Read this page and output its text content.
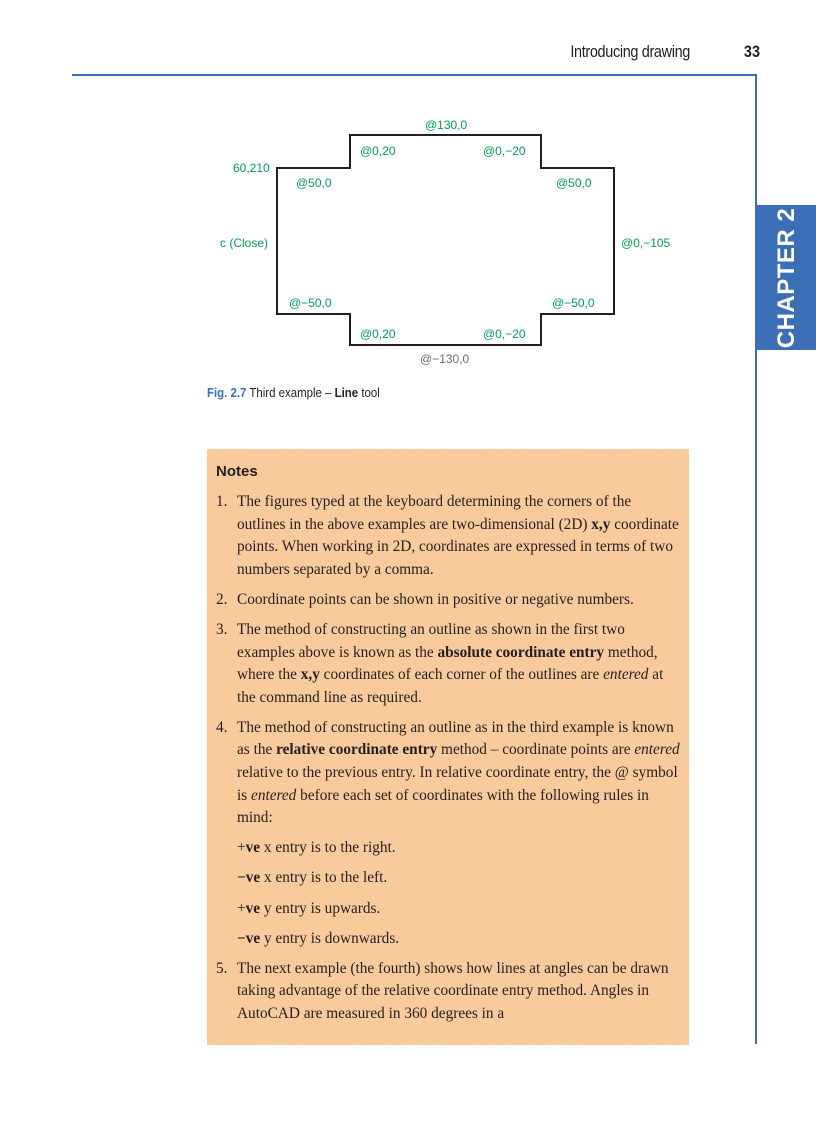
Introducing drawing	33
CHAPTER 2
@130,0
@0,20	@0,−20
60,210
@50,0	@50,0
c (Close)	@0,−105
@−50,0	@−50,0
@0,20	@0,−20
@−130,0
Fig. 2.7 Third example – Line tool
Notes
1. The figures typed at the keyboard determining the corners of the outlines in the above examples are two-dimensional (2D) x,y coordinate points. When working in 2D, coordinates are expressed in terms of two numbers separated by a comma.
2. Coordinate points can be shown in positive or negative numbers.
3. The method of constructing an outline as shown in the first two examples above is known as the absolute coordinate entry method, where the x,y coordinates of each corner of the outlines are entered at the command line as required.
4. The method of constructing an outline as in the third example is known as the relative coordinate entry method – coordinate points are entered relative to the previous entry. In relative coordinate entry, the @ symbol is entered before each set of coordinates with the following rules in mind:
+ve x entry is to the right.
−ve x entry is to the left.
+ve y entry is upwards.
−ve y entry is downwards.
5. The next example (the fourth) shows how lines at angles can be drawn taking advantage of the relative coordinate entry method. Angles in AutoCAD are measured in 360 degrees in a
